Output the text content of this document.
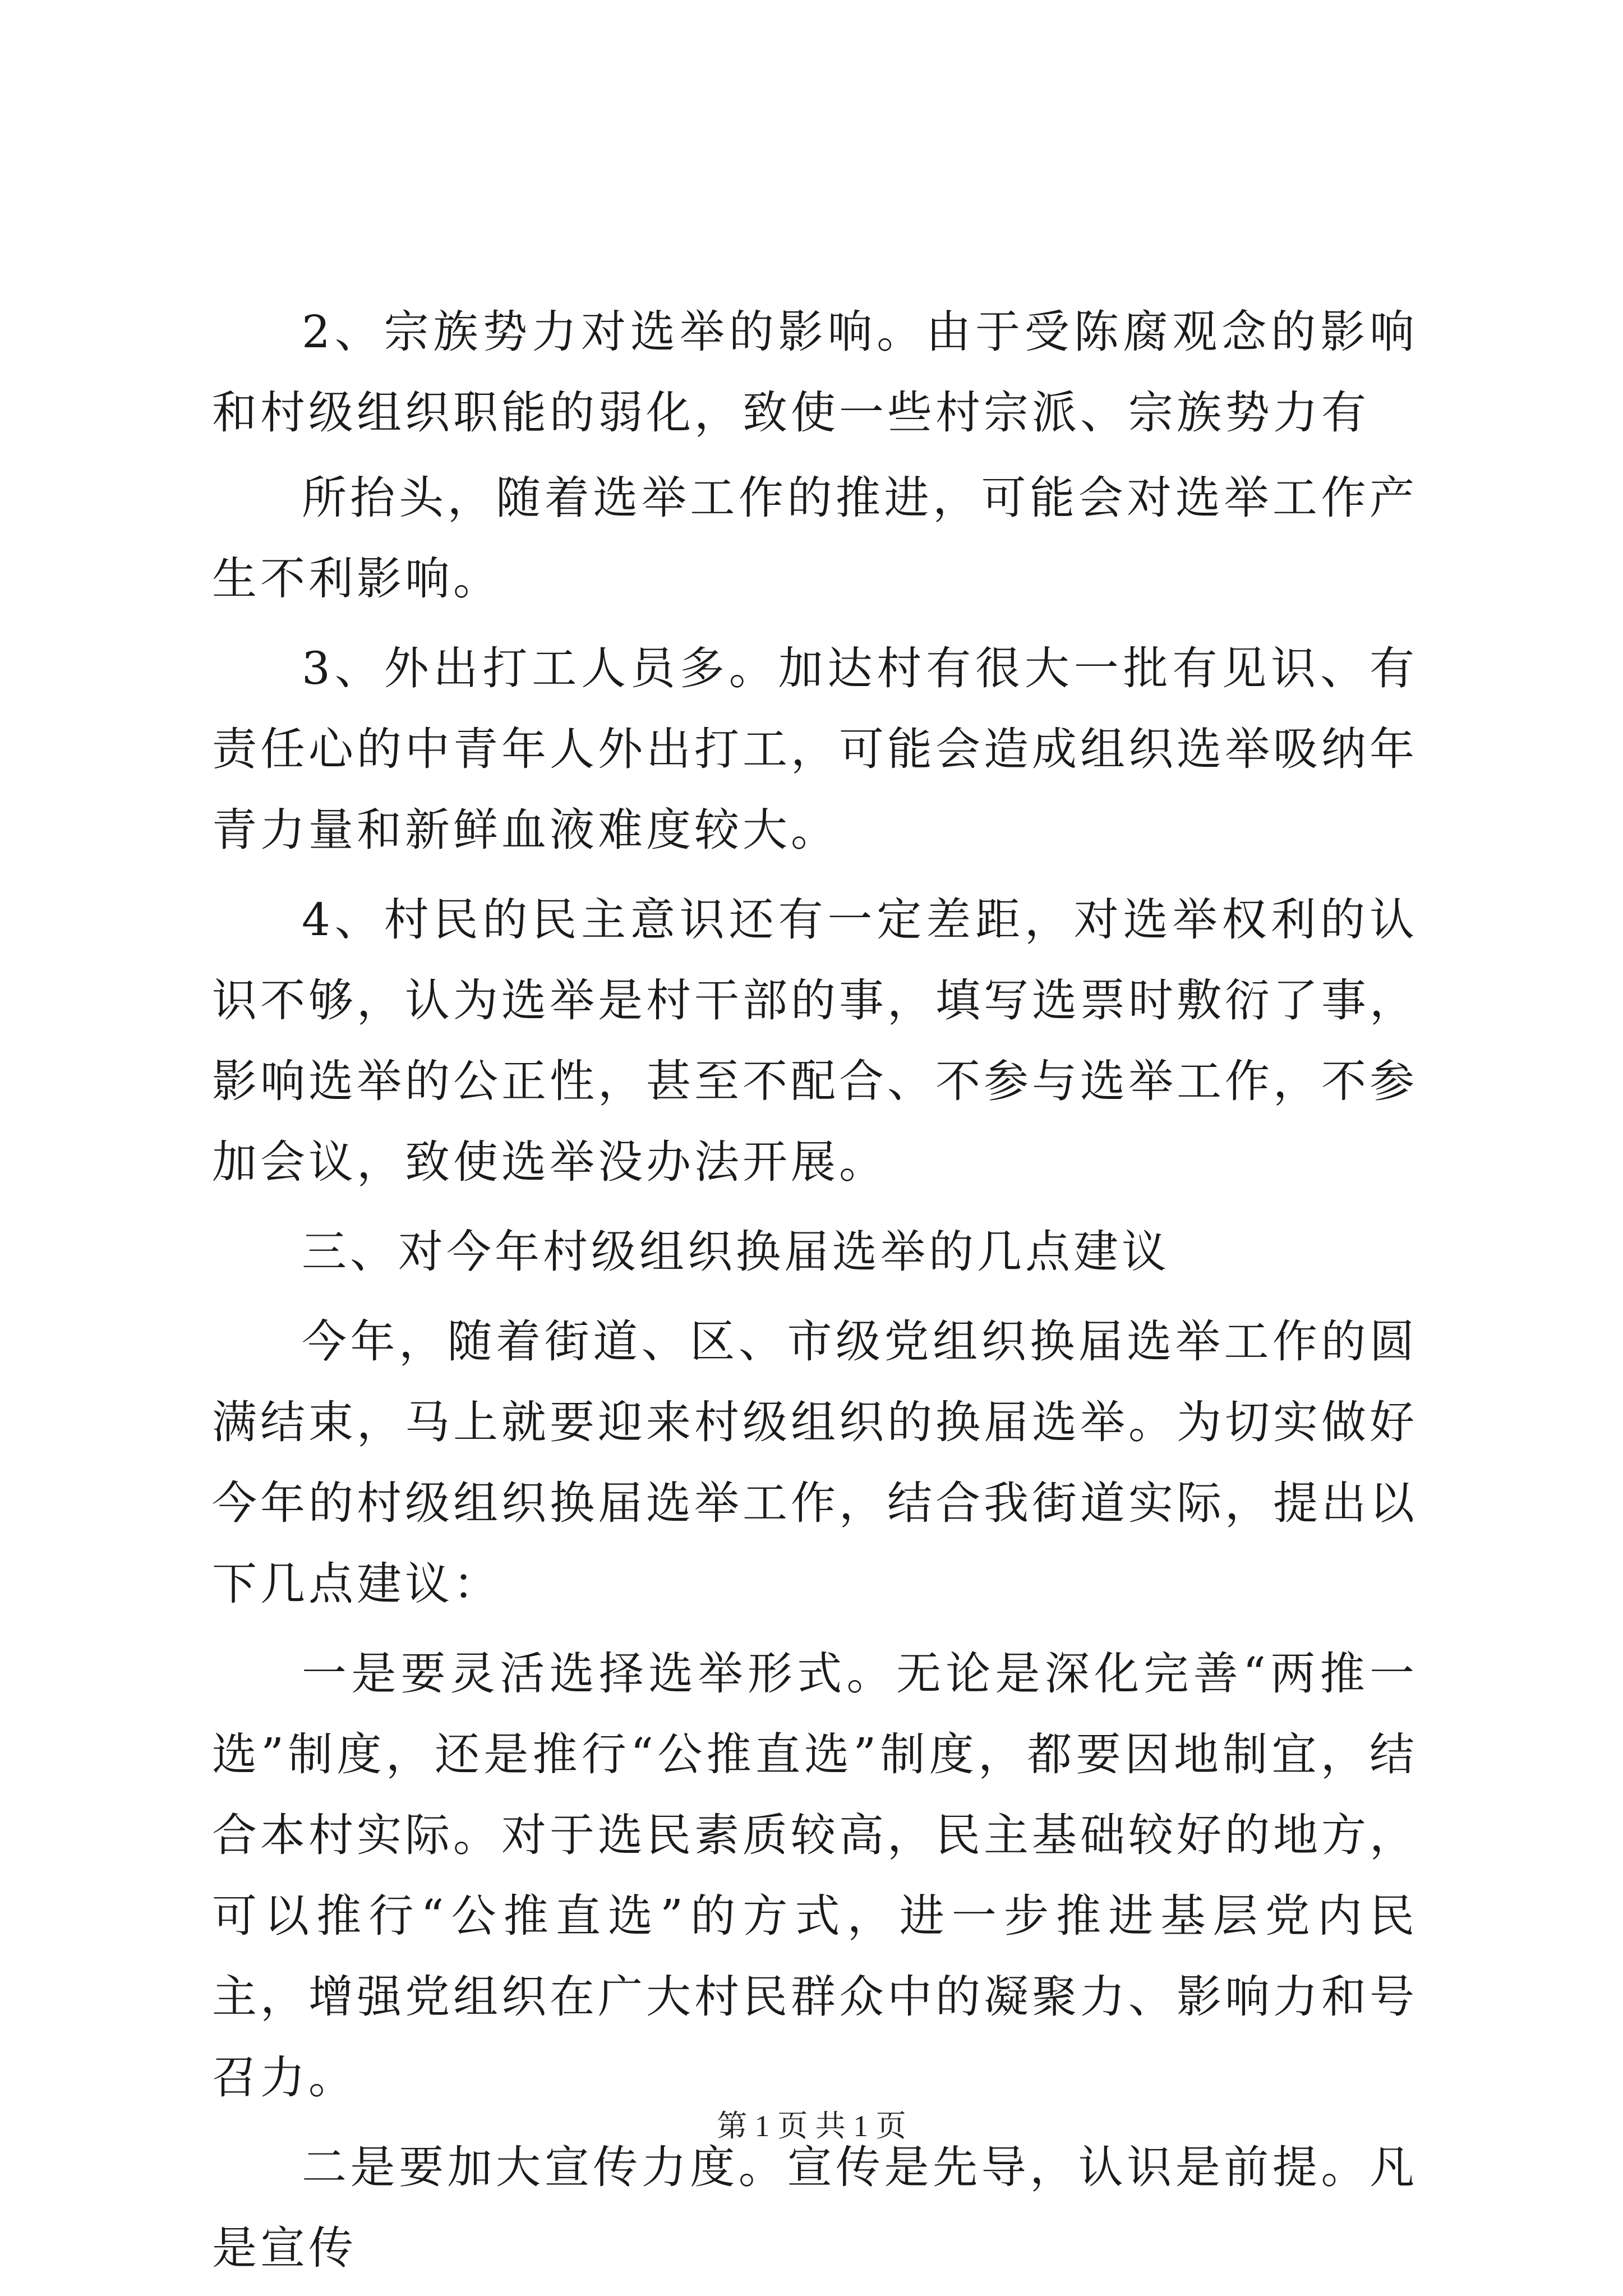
2、宗族势力对选举的影响。由于受陈腐观念的影响和村级组织职能的弱化，致使一些村宗派、宗族势力有

所抬头，随着选举工作的推进，可能会对选举工作产生不利影响。

3、外出打工人员多。加达村有很大一批有见识、有责任心的中青年人外出打工，可能会造成组织选举吸纳年青力量和新鲜血液难度较大。

4、村民的民主意识还有一定差距，对选举权利的认识不够，认为选举是村干部的事，填写选票时敷衍了事，影响选举的公正性，甚至不配合、不参与选举工作，不参加会议，致使选举没办法开展。

三、对今年村级组织换届选举的几点建议

今年，随着街道、区、市级党组织换届选举工作的圆满结束，马上就要迎来村级组织的换届选举。为切实做好今年的村级组织换届选举工作，结合我街道实际，提出以下几点建议：

一是要灵活选择选举形式。无论是深化完善“两推一选”制度，还是推行“公推直选”制度，都要因地制宜，结合本村实际。对于选民素质较高，民主基础较好的地方，可以推行“公推直选”的方式，进一步推进基层党内民主，增强党组织在广大村民群众中的凝聚力、影响力和号召力。

二是要加大宣传力度。宣传是先导，认识是前提。凡是宣传

第 1 页 共 1 页
